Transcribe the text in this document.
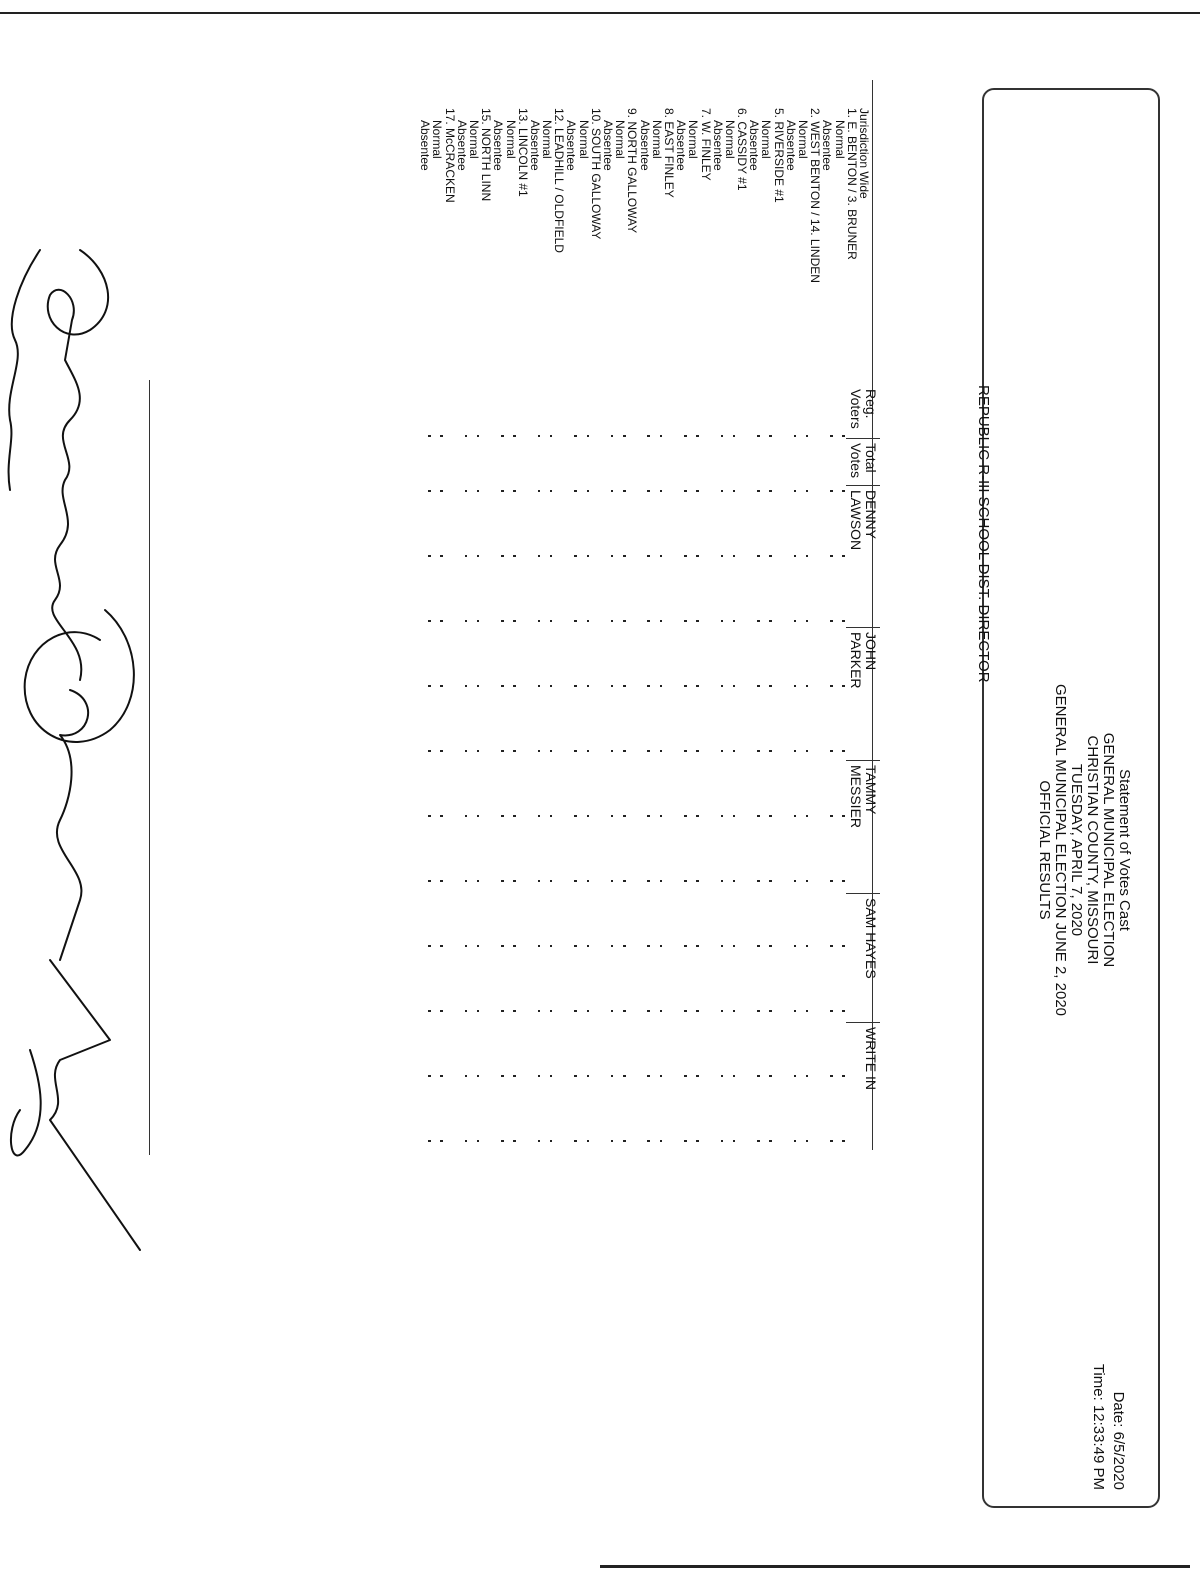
Statement of Votes Cast
GENERAL MUNICIPAL ELECTION
CHRISTIAN COUNTY, MISSOURI
TUESDAY, APRIL 7, 2020
GENERAL MUNICIPAL ELECTION JUNE 2, 2020
OFFICIAL RESULTS
Date: 6/5/2020
Time: 12:33:49 PM
REPUBLIC R-III SCHOOL DIST. DIRECTOR
Reg.
Voters
Total
Votes
DENNY
LAWSON
JOHN
PARKER
TAMMY
MESSIER
SAM HAYES
WRITE IN
Jurisdiction Wide
1. E. BENTON / 3. BRUNER
Normal
Absentee
2. WEST BENTON / 14. LINDEN
Normal
Absentee
5. RIVERSIDE #1
Normal
Absentee
6. CASSIDY #1
Normal
Absentee
7. W. FINLEY
Normal
Absentee
8. EAST FINLEY
Normal
Absentee
9. NORTH GALLOWAY
Normal
Absentee
10. SOUTH GALLOWAY
Normal
Absentee
12. LEADHILL / OLDFIELD
Normal
Absentee
13. LINCOLN #1
Normal
Absentee
15. NORTH LINN
Normal
Absentee
17. McCRACKEN
Normal
Absentee
